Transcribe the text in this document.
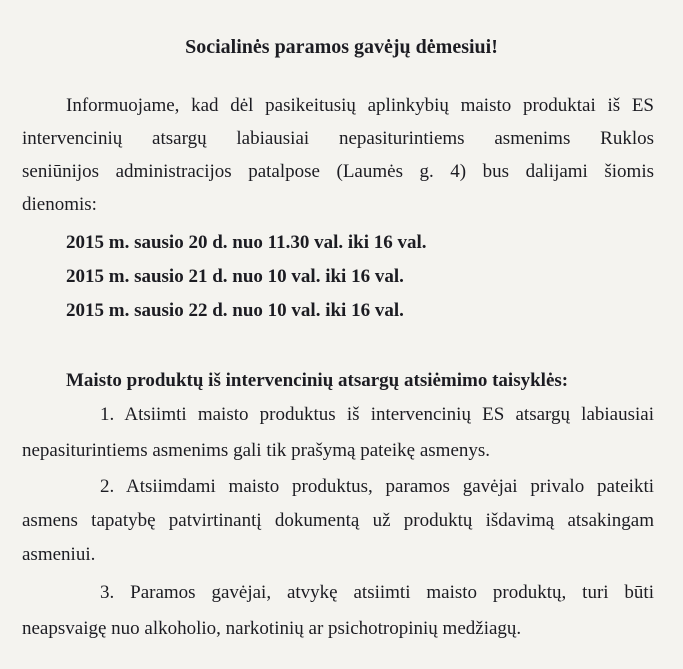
Socialinės paramos gavėjų dėmesiui!
Informuojame, kad dėl pasikeitusių aplinkybių maisto produktai iš ES
intervencinių atsargų labiausiai nepasiturintiems asmenims Ruklos
seniūnijos administracijos patalpose (Laumės g. 4) bus dalijami šiomis
dienomis:
2015 m. sausio 20 d. nuo 11.30 val. iki 16 val.
2015 m. sausio 21 d. nuo 10 val. iki 16 val.
2015 m. sausio 22 d. nuo 10 val. iki 16 val.
Maisto produktų iš intervencinių atsargų atsiėmimo taisyklės:
1. Atsiimti maisto produktus iš intervencinių ES atsargų labiausiai
nepasiturintiems asmenims gali tik prašymą pateikę asmenys.
2. Atsiimdami maisto produktus, paramos gavėjai privalo pateikti
asmens tapatybę patvirtinantį dokumentą už produktų išdavimą atsakingam
asmeniui.
3. Paramos gavėjai, atvykę atsiimti maisto produktų, turi būti
neapsvaigę nuo alkoholio, narkotinių ar psichotropinių medžiagų.
